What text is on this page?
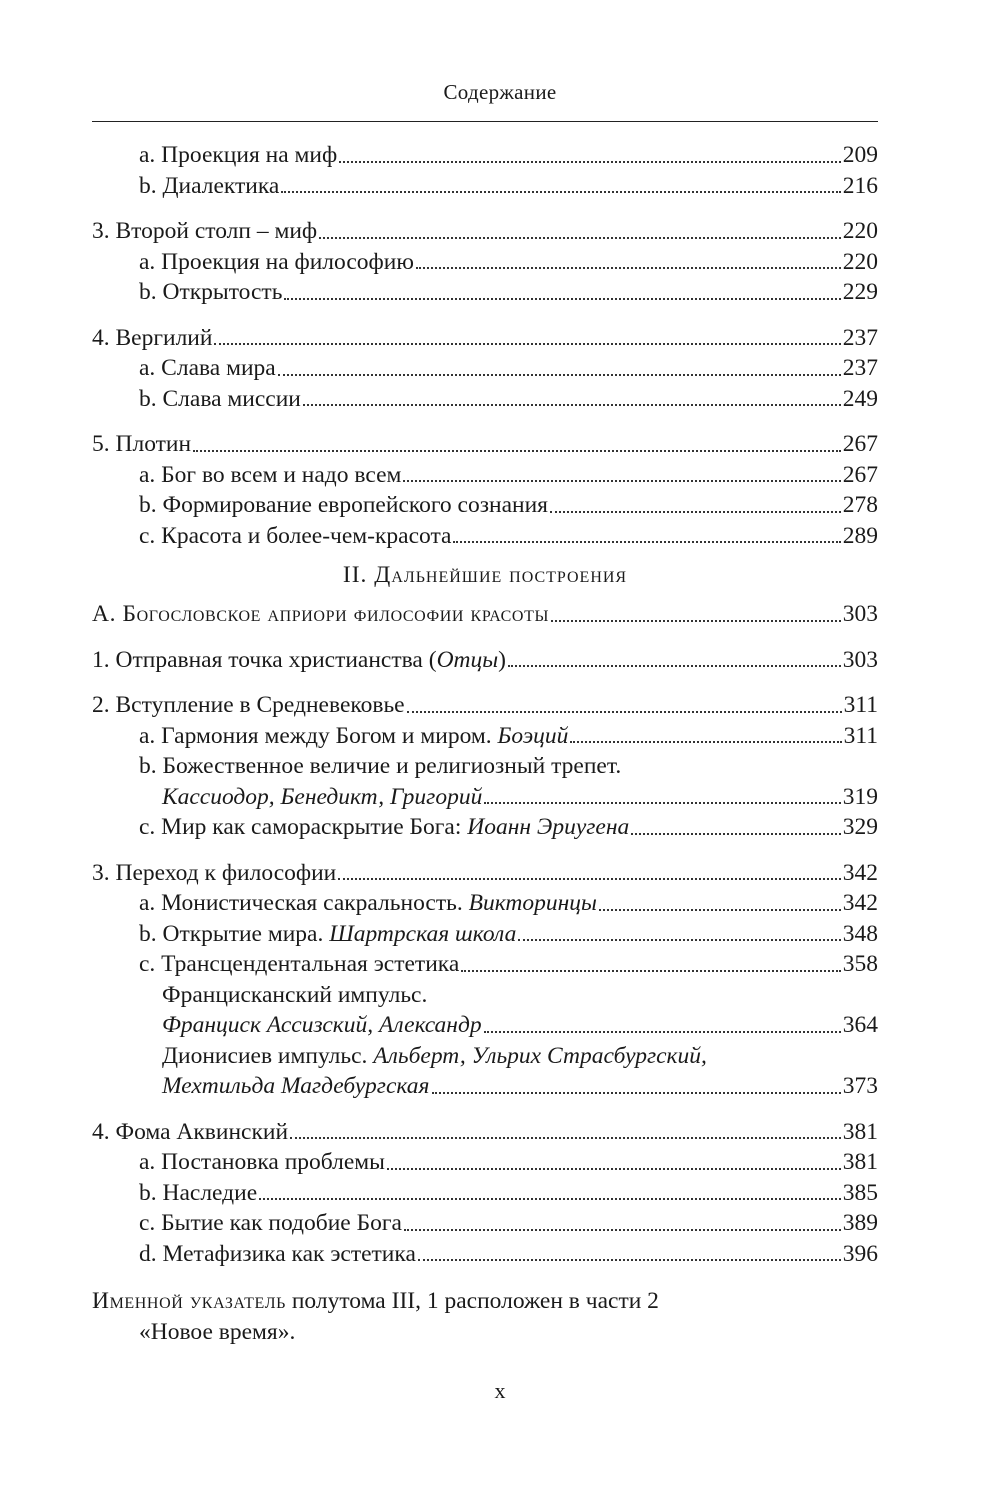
Содержание
a. Проекция на миф	209
b. Диалектика	216
3. Второй столп – миф	220
a. Проекция на философию	220
b. Открытость	229
4. Вергилий	237
a. Слава мира	237
b. Слава миссии	249
5. Плотин	267
a. Бог во всем и надо всем	267
b. Формирование европейского сознания	278
c. Красота и более-чем-красота	289
II. Дальнейшие построения
A. Богословское априори философии красоты	303
1. Отправная точка христианства (Отцы)	303
2. Вступление в Средневековье	311
a. Гармония между Богом и миром. Боэций	311
b. Божественное величие и религиозный трепет.
Кассиодор, Бенедикт, Григорий	319
c. Мир как самораскрытие Бога: Иоанн Эриугена	329
3. Переход к философии	342
a. Монистическая сакральность. Викторинцы	342
b. Открытие мира. Шартрская школа	348
c. Трансцендентальная эстетика	358
Францисканский импульс.
Франциск Ассизский, Александр	364
Дионисиев импульс. Альберт, Ульрих Страсбургский,
Мехтильда Магдебургская	373
4. Фома Аквинский	381
a. Постановка проблемы	381
b. Наследие	385
c. Бытие как подобие Бога	389
d. Метафизика как эстетика	396
Именной указатель полутома III, 1 расположен в части 2
«Новое время».
x
